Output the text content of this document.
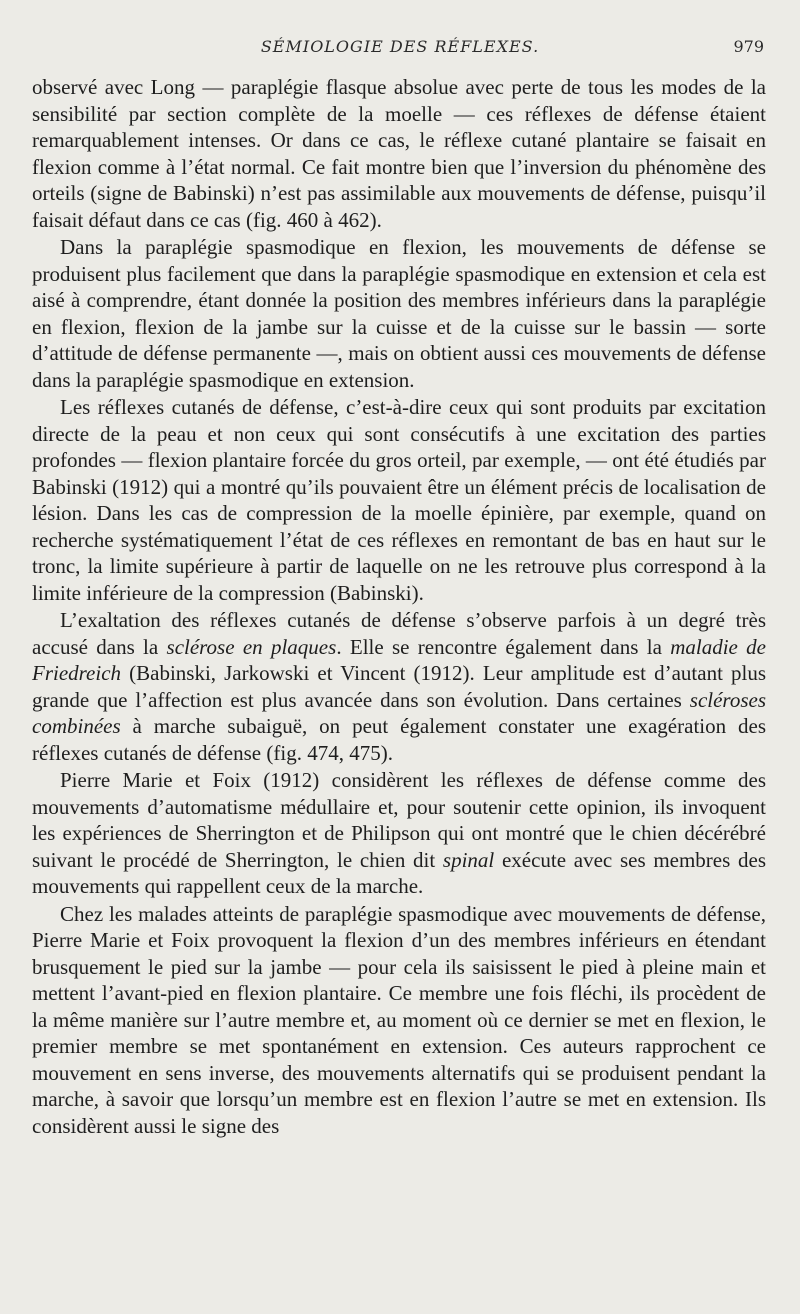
SÉMIOLOGIE DES RÉFLEXES.	979

observé avec Long — paraplégie flasque absolue avec perte de tous les modes de la sensibilité par section complète de la moelle — ces réflexes de défense étaient remarquablement intenses. Or dans ce cas, le réflexe cutané plantaire se faisait en flexion comme à l’état normal. Ce fait montre bien que l’inversion du phénomène des orteils (signe de Babinski) n’est pas assimilable aux mouvements de défense, puisqu’il faisait défaut dans ce cas (fig. 460 à 462).

Dans la paraplégie spasmodique en flexion, les mouvements de défense se produisent plus facilement que dans la paraplégie spasmodique en extension et cela est aisé à comprendre, étant donnée la position des membres inférieurs dans la paraplégie en flexion, flexion de la jambe sur la cuisse et de la cuisse sur le bassin — sorte d’attitude de défense permanente —, mais on obtient aussi ces mouvements de défense dans la paraplégie spasmodique en extension.

Les réflexes cutanés de défense, c’est-à-dire ceux qui sont produits par excitation directe de la peau et non ceux qui sont consécutifs à une excitation des parties profondes — flexion plantaire forcée du gros orteil, par exemple, — ont été étudiés par Babinski (1912) qui a montré qu’ils pouvaient être un élément précis de localisation de lésion. Dans les cas de compression de la moelle épinière, par exemple, quand on recherche systématiquement l’état de ces réflexes en remontant de bas en haut sur le tronc, la limite supérieure à partir de laquelle on ne les retrouve plus correspond à la limite inférieure de la compression (Babinski).

L’exaltation des réflexes cutanés de défense s’observe parfois à un degré très accusé dans la sclérose en plaques. Elle se rencontre également dans la maladie de Friedreich (Babinski, Jarkowski et Vincent (1912). Leur amplitude est d’autant plus grande que l’affection est plus avancée dans son évolution. Dans certaines scléroses combinées à marche subaiguë, on peut également constater une exagération des réflexes cutanés de défense (fig. 474, 475).

Pierre Marie et Foix (1912) considèrent les réflexes de défense comme des mouvements d’automatisme médullaire et, pour soutenir cette opinion, ils invoquent les expériences de Sherrington et de Philipson qui ont montré que le chien décérébré suivant le procédé de Sherrington, le chien dit spinal exécute avec ses membres des mouvements qui rappellent ceux de la marche.

Chez les malades atteints de paraplégie spasmodique avec mouvements de défense, Pierre Marie et Foix provoquent la flexion d’un des membres inférieurs en étendant brusquement le pied sur la jambe — pour cela ils saisissent le pied à pleine main et mettent l’avant-pied en flexion plantaire. Ce membre une fois fléchi, ils procèdent de la même manière sur l’autre membre et, au moment où ce dernier se met en flexion, le premier membre se met spontanément en extension. Ces auteurs rapprochent ce mouvement en sens inverse, des mouvements alternatifs qui se produisent pendant la marche, à savoir que lorsqu’un membre est en flexion l’autre se met en extension. Ils considèrent aussi le signe des
